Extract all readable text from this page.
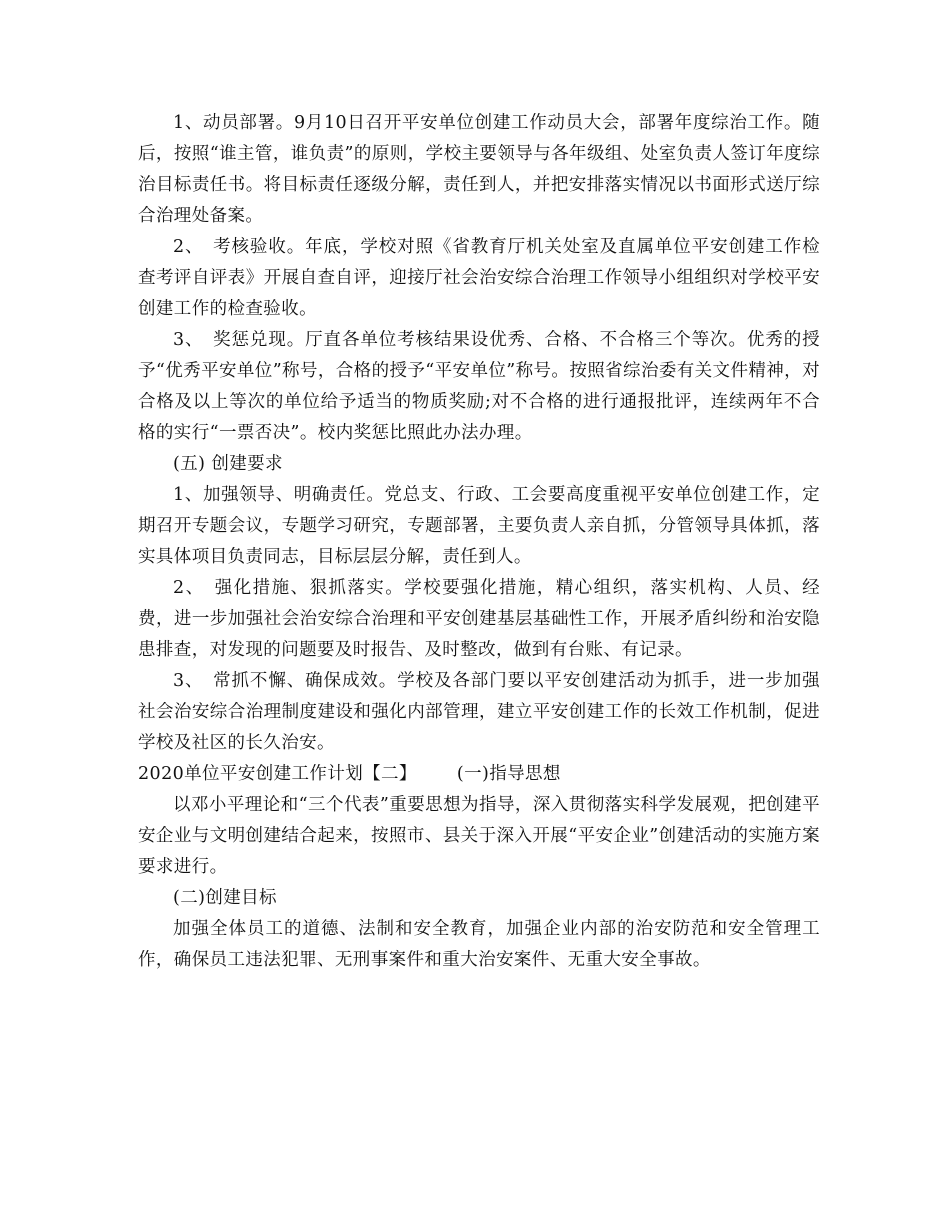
1、动员部署。9月10日召开平安单位创建工作动员大会，部署年度综治工作。随后，按照“谁主管，谁负责”的原则，学校主要领导与各年级组、处室负责人签订年度综治目标责任书。将目标责任逐级分解，责任到人，并把安排落实情况以书面形式送厅综合治理处备案。

2、　考核验收。年底，学校对照《省教育厅机关处室及直属单位平安创建工作检查考评自评表》开展自查自评，迎接厅社会治安综合治理工作领导小组组织对学校平安创建工作的检查验收。

3、　奖惩兑现。厅直各单位考核结果设优秀、合格、不合格三个等次。优秀的授予“优秀平安单位”称号，合格的授予“平安单位”称号。按照省综治委有关文件精神，对合格及以上等次的单位给予适当的物质奖励;对不合格的进行通报批评，连续两年不合格的实行“一票否决”。校内奖惩比照此办法办理。

(五) 创建要求

1、加强领导、明确责任。党总支、行政、工会要高度重视平安单位创建工作，定期召开专题会议，专题学习研究，专题部署，主要负责人亲自抓，分管领导具体抓，落实具体项目负责同志，目标层层分解，责任到人。

2、　强化措施、狠抓落实。学校要强化措施，精心组织，落实机构、人员、经费，进一步加强社会治安综合治理和平安创建基层基础性工作，开展矛盾纠纷和治安隐患排查，对发现的问题要及时报告、及时整改，做到有台账、有记录。

3、　常抓不懈、确保成效。学校及各部门要以平安创建活动为抓手，进一步加强社会治安综合治理制度建设和强化内部管理，建立平安创建工作的长效工作机制，促进学校及社区的长久治安。

2020单位平安创建工作计划【二】 (一)指导思想

以邓小平理论和“三个代表”重要思想为指导，深入贯彻落实科学发展观，把创建平安企业与文明创建结合起来，按照市、县关于深入开展“平安企业”创建活动的实施方案要求进行。

(二)创建目标

加强全体员工的道德、法制和安全教育，加强企业内部的治安防范和安全管理工作，确保员工违法犯罪、无刑事案件和重大治安案件、无重大安全事故。
